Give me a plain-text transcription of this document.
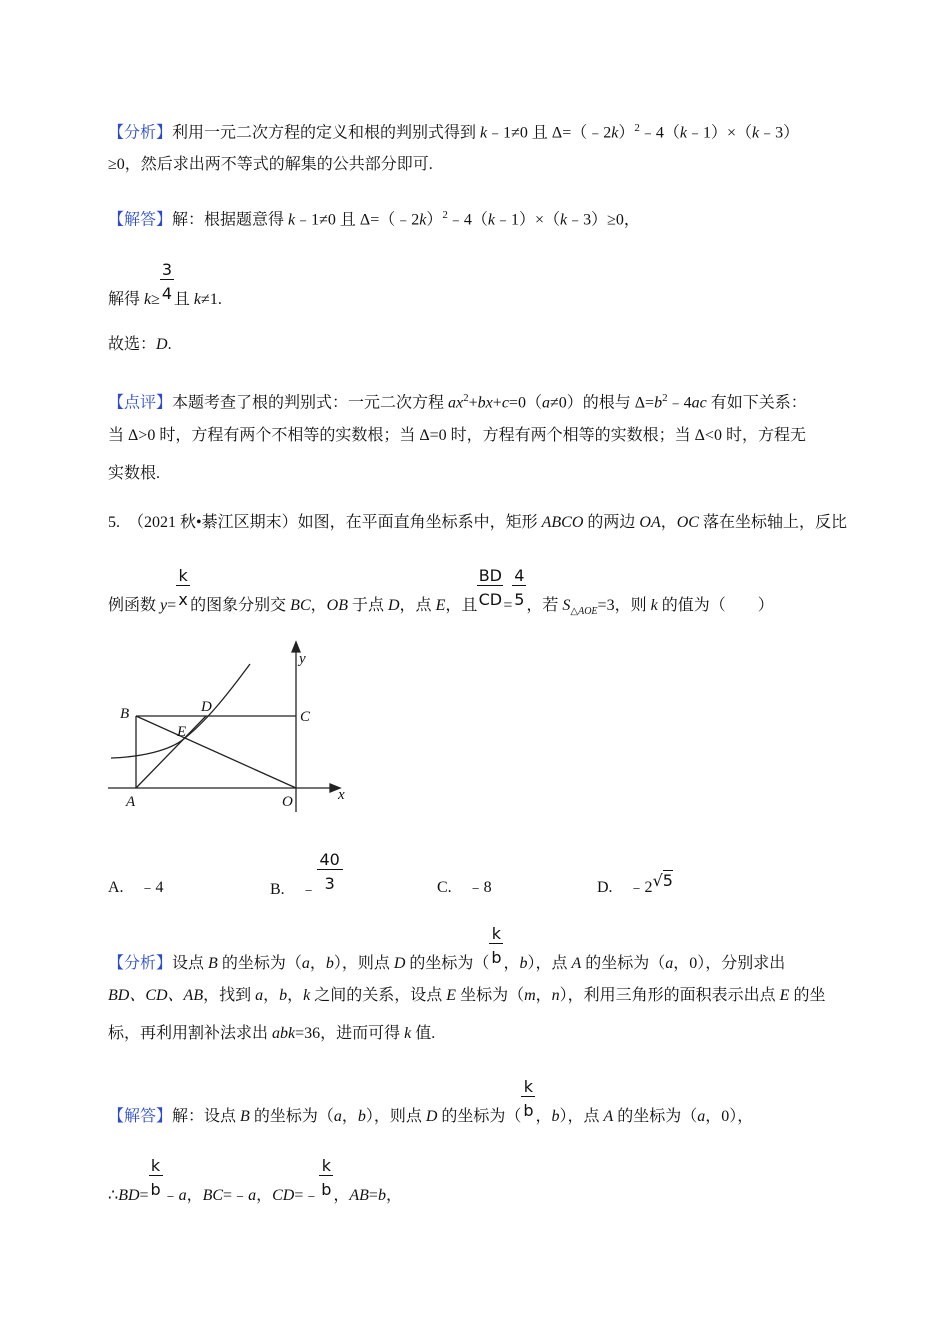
【分析】利用一元二次方程的定义和根的判别式得到 k﹣1≠0 且 Δ=（﹣2k）$^2$﹣4（k﹣1）×（k﹣3）
≥0，然后求出两不等式的解集的公共部分即可.
【解答】解：根据题意得 k﹣1≠0 且 Δ=（﹣2k）$^2$﹣4（k﹣1）×（k﹣3）≥0，
解得 $k\ge \frac{3}{4}$ 且 k≠1.
故选：D.
【点评】本题考查了根的判别式：一元二次方程 $ax^2+bx+c=0(a\ne 0)$的根与 $\Delta=b^2﹣4ac$ 有如下关系：
当 Δ>0 时，方程有两个不相等的实数根；当 Δ=0 时，方程有两个相等的实数根；当 Δ<0 时，方程无
实数根.
5. （2021 秋•綦江区期末）如图，在平面直角坐标系中，矩形 ABCO 的两边 OA，OC 落在坐标轴上，反比
例函数 $y= \frac{k}{x}$ 的图象分别交 BC，OB 于点 D，点 E，且 $\frac{BD}{CD} = \frac{4}{5}$ ，若 $S_{\triangle AOE}=3$，则 k 的值为（　　）
B	D
C
E
A	O	x
y
A.　﹣4	B.　﹣ $\frac{40}{3}$	C.　﹣8	D.　﹣2√5
【分析】设点 B 的坐标为（a，b），则点 D 的坐标为（ $\frac{k}{b}$ ，b），点 A 的坐标为（a，0），分别求出
BD、CD、AB，找到 a，b，k 之间的关系，设点 E 坐标为（m，n），利用三角形的面积表示出点 E 的坐
标，再利用割补法求出 abk=36，进而可得 k 值.
【解答】解：设点 B 的坐标为（a，b），则点 D 的坐标为（ $\frac{k}{b}$ ，b），点 A 的坐标为（a，0），
∴BD= $\frac{k}{b}$ ﹣a，BC=﹣a，CD=﹣ $\frac{k}{b}$ ，AB=b，
